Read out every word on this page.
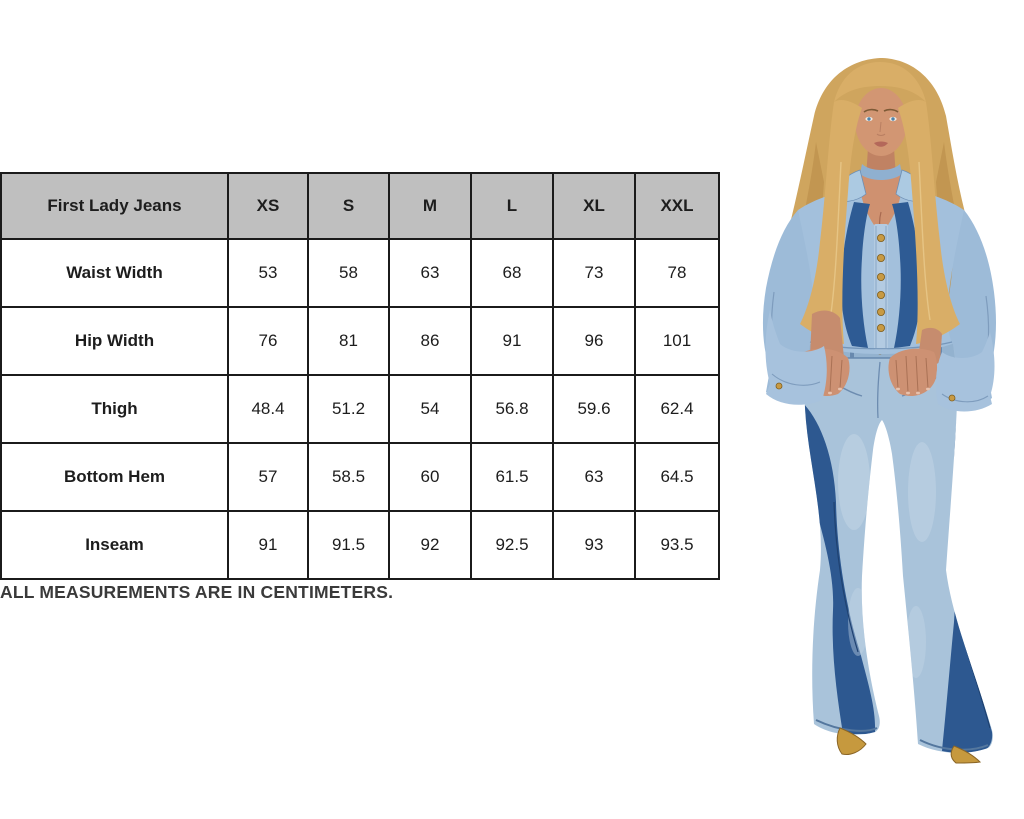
First Lady Jeans	XS	S	M	L	XL	XXL
Waist Width	53	58	63	68	73	78
Hip Width	76	81	86	91	96	101
Thigh	48.4	51.2	54	56.8	59.6	62.4
Bottom Hem	57	58.5	60	61.5	63	64.5
Inseam	91	91.5	92	92.5	93	93.5
ALL MEASUREMENTS ARE IN CENTIMETERS.
